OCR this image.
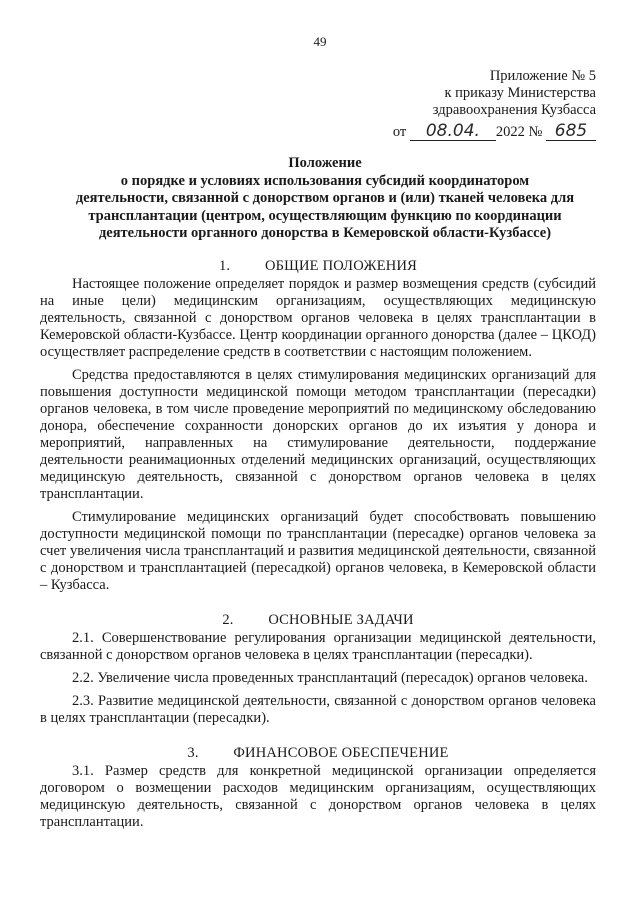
49
Приложение № 5
к приказу Министерства
здравоохранения Кузбасса
от 08.04. 2022 № 685
Положение
о порядке и условиях использования субсидий координатором
деятельности, связанной с донорством органов и (или) тканей человека для
трансплантации (центром, осуществляющим функцию по координации
деятельности органного донорства в Кемеровской области-Кузбассе)
1. ОБЩИЕ ПОЛОЖЕНИЯ

Настоящее положение определяет порядок и размер возмещения средств (субсидий на иные цели) медицинским организациям, осуществляющих медицинскую деятельность, связанной с донорством органов человека в целях трансплантации в Кемеровской области-Кузбассе. Центр координации органного донорства (далее – ЦКОД) осуществляет распределение средств в соответствии с настоящим положением.

Средства предоставляются в целях стимулирования медицинских организаций для повышения доступности медицинской помощи методом трансплантации (пересадки) органов человека, в том числе проведение мероприятий по медицинскому обследованию донора, обеспечение сохранности донорских органов до их изъятия у донора и мероприятий, направленных на стимулирование деятельности, поддержание деятельности реанимационных отделений медицинских организаций, осуществляющих медицинскую деятельность, связанной с донорством органов человека в целях трансплантации.

Стимулирование медицинских организаций будет способствовать повышению доступности медицинской помощи по трансплантации (пересадке) органов человека за счет увеличения числа трансплантаций и развития медицинской деятельности, связанной с донорством и трансплантацией (пересадкой) органов человека, в Кемеровской области – Кузбасса.

2. ОСНОВНЫЕ ЗАДАЧИ

2.1. Совершенствование регулирования организации медицинской деятельности, связанной с донорством органов человека в целях трансплантации (пересадки).

2.2. Увеличение числа проведенных трансплантаций (пересадок) органов человека.

2.3. Развитие медицинской деятельности, связанной с донорством органов человека в целях трансплантации (пересадки).

3. ФИНАНСОВОЕ ОБЕСПЕЧЕНИЕ

3.1. Размер средств для конкретной медицинской организации определяется договором о возмещении расходов медицинским организациям, осуществляющих медицинскую деятельность, связанной с донорством органов человека в целях трансплантации.
